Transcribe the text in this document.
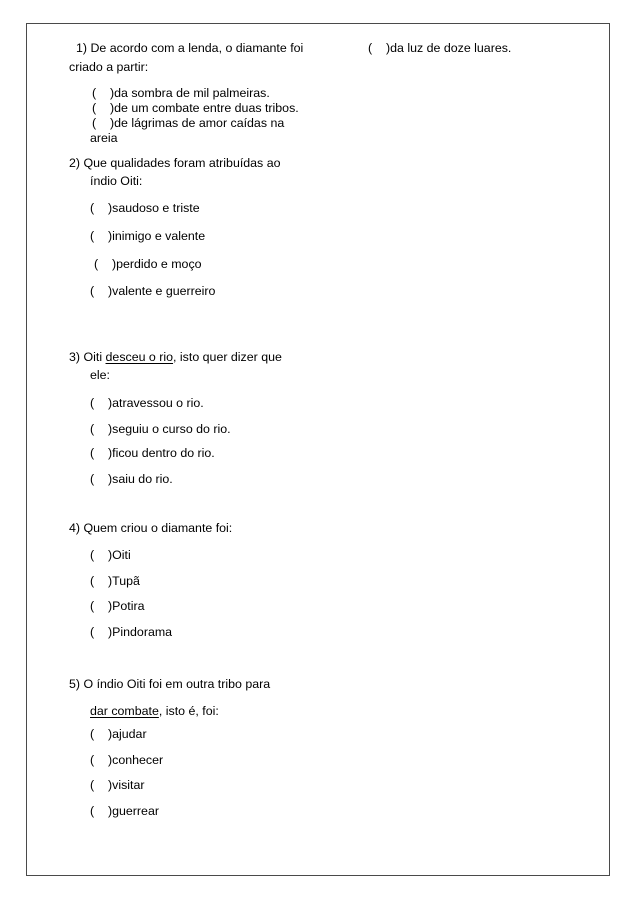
1) De acordo com a lenda, o diamante foi
criado a partir:
( )da sombra de mil palmeiras.
( )de um combate entre duas tribos.
( )de lágrimas de amor caídas na
areia
( )da luz de doze luares.
2) Que qualidades foram atribuídas ao
índio Oiti:
( )saudoso e triste
( )inimigo e valente
( )perdido e moço
( )valente e guerreiro
3) Oiti desceu o rio, isto quer dizer que
ele:
( )atravessou o rio.
( )seguiu o curso do rio.
( )ficou dentro do rio.
( )saiu do rio.
4) Quem criou o diamante foi:
( )Oiti
( )Tupã
( )Potira
( )Pindorama
5) O índio Oiti foi em outra tribo para
dar combate, isto é, foi:
( )ajudar
( )conhecer
( )visitar
( )guerrear
